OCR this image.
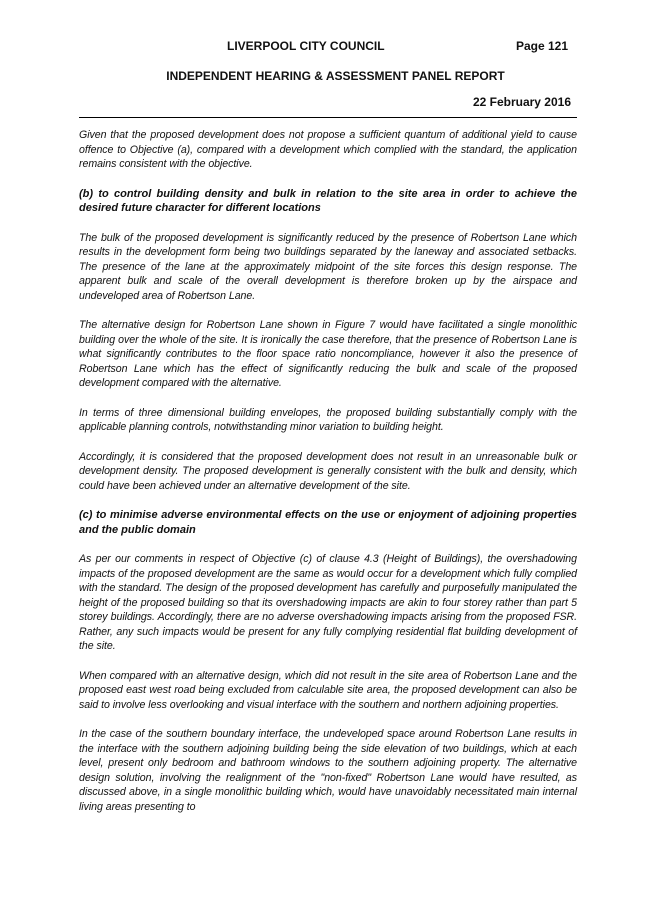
LIVERPOOL CITY COUNCIL	Page 121
INDEPENDENT HEARING & ASSESSMENT PANEL REPORT
22 February 2016

Given that the proposed development does not propose a sufficient quantum of additional yield to cause offence to Objective (a), compared with a development which complied with the standard, the application remains consistent with the objective.

(b) to control building density and bulk in relation to the site area in order to achieve the desired future character for different locations

The bulk of the proposed development is significantly reduced by the presence of Robertson Lane which results in the development form being two buildings separated by the laneway and associated setbacks. The presence of the lane at the approximately midpoint of the site forces this design response. The apparent bulk and scale of the overall development is therefore broken up by the airspace and undeveloped area of Robertson Lane.

The alternative design for Robertson Lane shown in Figure 7 would have facilitated a single monolithic building over the whole of the site. It is ironically the case therefore, that the presence of Robertson Lane is what significantly contributes to the floor space ratio noncompliance, however it also the presence of Robertson Lane which has the effect of significantly reducing the bulk and scale of the proposed development compared with the alternative.

In terms of three dimensional building envelopes, the proposed building substantially comply with the applicable planning controls, notwithstanding minor variation to building height.

Accordingly, it is considered that the proposed development does not result in an unreasonable bulk or development density. The proposed development is generally consistent with the bulk and density, which could have been achieved under an alternative development of the site.

(c) to minimise adverse environmental effects on the use or enjoyment of adjoining properties and the public domain

As per our comments in respect of Objective (c) of clause 4.3 (Height of Buildings), the overshadowing impacts of the proposed development are the same as would occur for a development which fully complied with the standard. The design of the proposed development has carefully and purposefully manipulated the height of the proposed building so that its overshadowing impacts are akin to four storey rather than part 5 storey buildings. Accordingly, there are no adverse overshadowing impacts arising from the proposed FSR. Rather, any such impacts would be present for any fully complying residential flat building development of the site.

When compared with an alternative design, which did not result in the site area of Robertson Lane and the proposed east west road being excluded from calculable site area, the proposed development can also be said to involve less overlooking and visual interface with the southern and northern adjoining properties.

In the case of the southern boundary interface, the undeveloped space around Robertson Lane results in the interface with the southern adjoining building being the side elevation of two buildings, which at each level, present only bedroom and bathroom windows to the southern adjoining property. The alternative design solution, involving the realignment of the "non-fixed" Robertson Lane would have resulted, as discussed above, in a single monolithic building which, would have unavoidably necessitated main internal living areas presenting to
